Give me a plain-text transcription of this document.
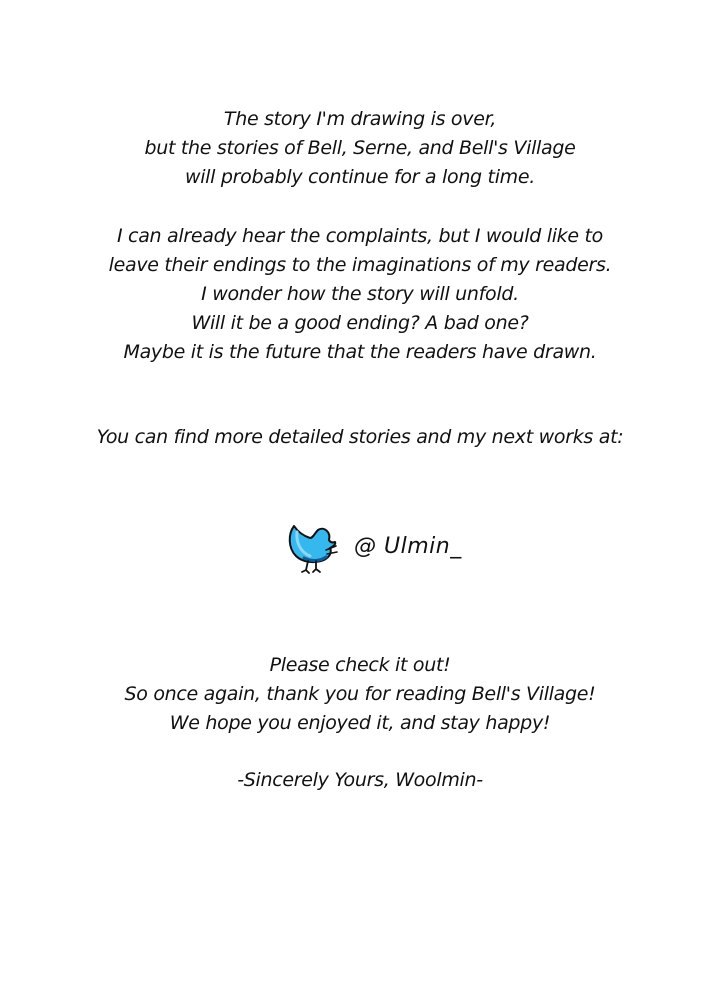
The story I'm drawing is over,
but the stories of Bell, Serne, and Bell's Village
will probably continue for a long time.
I can already hear the complaints, but I would like to
leave their endings to the imaginations of my readers.
I wonder how the story will unfold.
Will it be a good ending? A bad one?
Maybe it is the future that the readers have drawn.
You can find more detailed stories and my next works at:
@ Ulmin_
Please check it out!
So once again, thank you for reading Bell's Village!
We hope you enjoyed it, and stay happy!
-Sincerely Yours, Woolmin-
